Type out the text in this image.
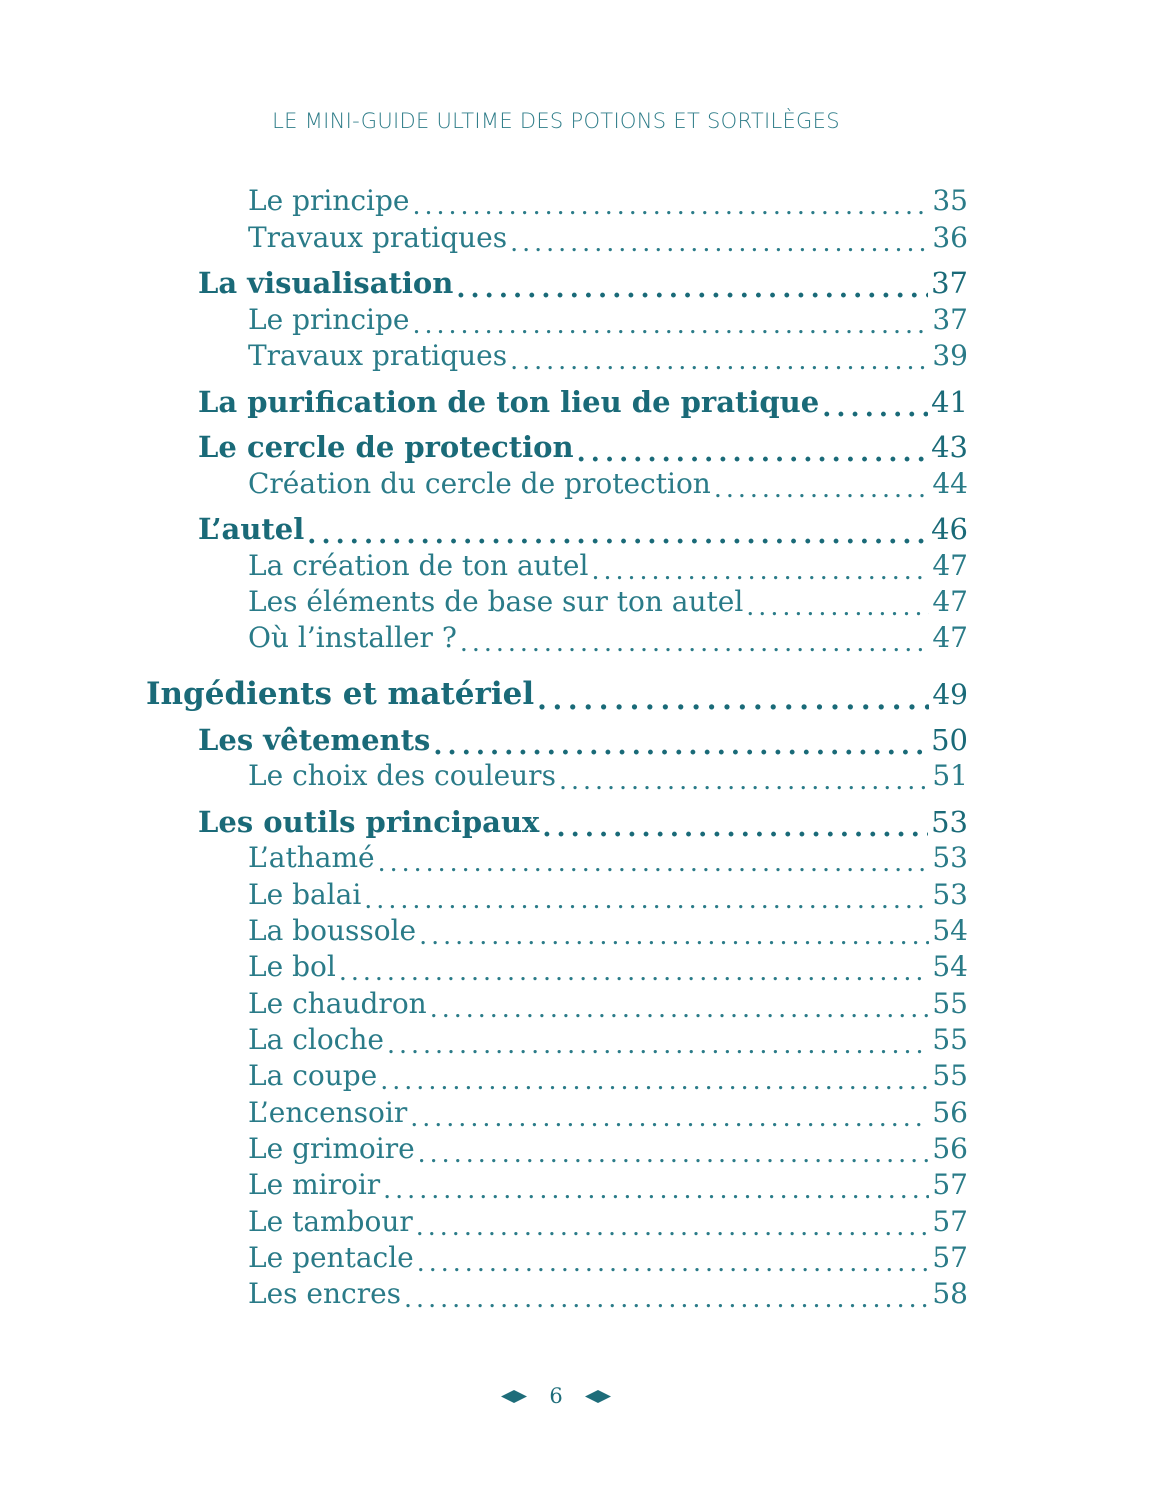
LE MINI-GUIDE ULTIME DES POTIONS ET SORTILÈGES
Le principe . . .	35
Travaux pratiques . . .	36
La visualisation . . .	37
Le principe . . .	37
Travaux pratiques . . .	39
La purification de ton lieu de pratique . . .	41
Le cercle de protection . . .	43
Création du cercle de protection . . .	44
L’autel . . .	46
La création de ton autel . . .	47
Les éléments de base sur ton autel . . .	47
Où l’installer ? . . .	47
Ingédients et matériel . . .	49
Les vêtements . . .	50
Le choix des couleurs . . .	51
Les outils principaux . . .	53
L’athamé . . .	53
Le balai . . .	53
La boussole . . .	54
Le bol . . .	54
Le chaudron . . .	55
La cloche . . .	55
La coupe . . .	55
L’encensoir . . .	56
Le grimoire . . .	56
Le miroir . . .	57
Le tambour . . .	57
Le pentacle . . .	57
Les encres . . .	58
6
